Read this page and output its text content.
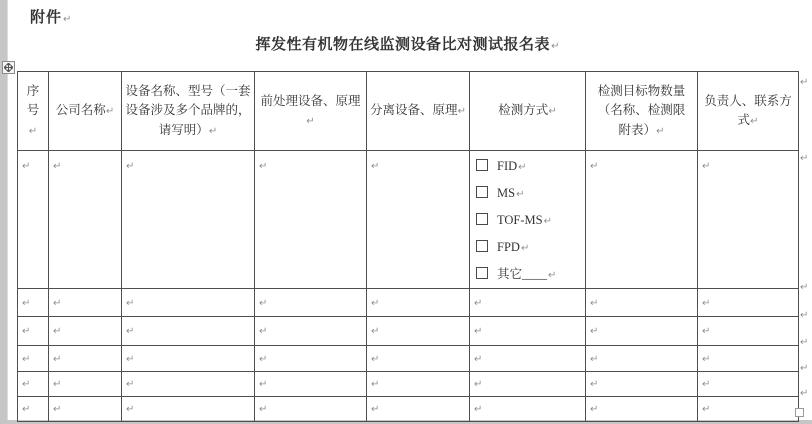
附件↵
挥发性有机物在线监测设备比对测试报名表↵
序号↵	公司名称↵	设备名称、型号（一套设备涉及多个品牌的，请写明）↵	前处理设备、原理↵	分离设备、原理↵	检测方式↵	检测目标物数量（名称、检测限附表）↵	负责人、联系方式↵
↵	↵	↵	↵	↵	FID↵
MS↵
TOF-MS↵
FPD↵
其它____↵	↵	↵
↵	↵	↵	↵	↵	↵	↵	↵
↵	↵	↵	↵	↵	↵	↵	↵
↵	↵	↵	↵	↵	↵	↵	↵
↵	↵	↵	↵	↵	↵	↵	↵
↵	↵	↵	↵	↵	↵	↵	↵
↵
↵
↵
↵
↵
↵
↵
